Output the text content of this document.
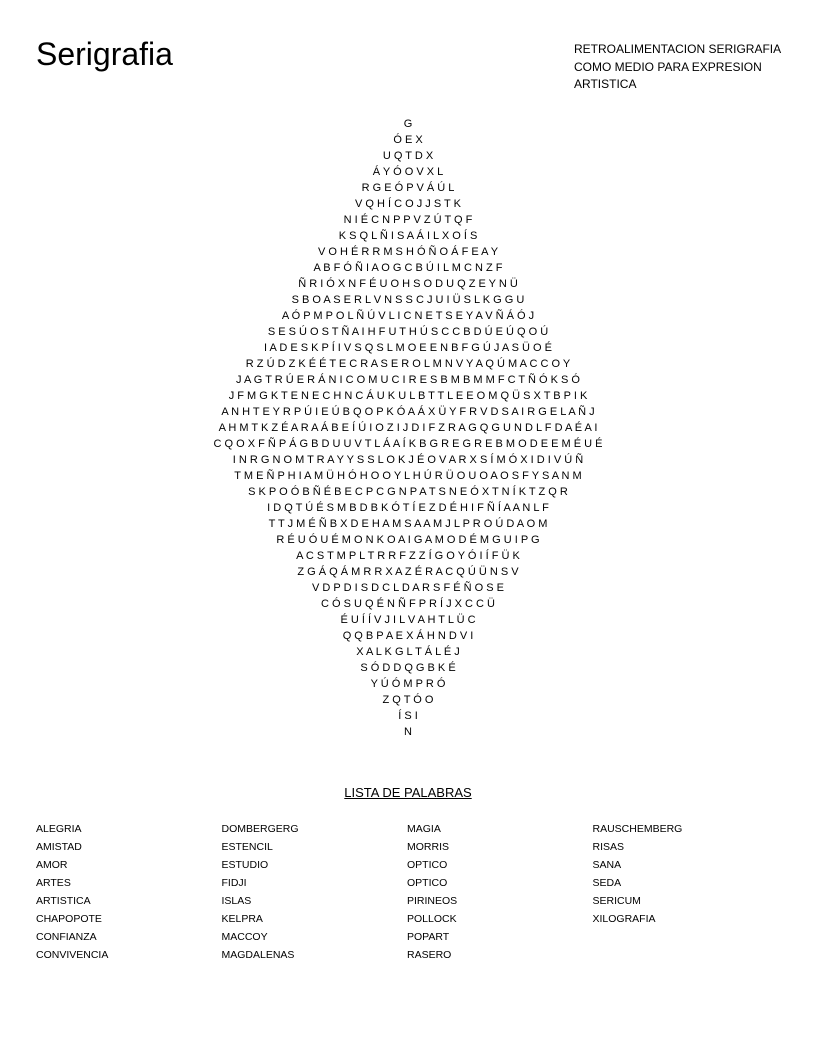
Serigrafia	RETROALIMENTACION SERIGRAFIA
COMO MEDIO PARA EXPRESION
ARTISTICA
G
Ó E X
U Q T D X
Á Y Ó O V X L
R G E Ó P V Á Ú L
V Q H Í C O J J S T K
N I É C N P P V Z Ú T Q F
K S Q L Ñ I S A Á I L X O Í S
V O H É R R M S H Ó Ñ O Á F E A Y
A B F Ó Ñ I A O G C B Ú I L M C N Z F
Ñ R I Ó X N F É U O H S O D U Q Z E Y N Ü
S B O A S E R L V N S S C J U I Ü S L K G G U
A Ó P M P O L Ñ Ú V L I C N E T S E Y A V Ñ Á Ó J
S E S Ú O S T Ñ A I H F U T H Ú S C C B D Ú E Ú Q O Ú
I A D E S K P Í I V S Q S L M O E E N B F G Ú J A S Ü O É
R Z Ú D Z K É É T E C R A S E R O L M N V Y A Q Ú M A C C O Y
J A G T R Ú E R Á N I C O M U C I R E S B M B M M F C T Ñ Ó K S Ó
J F M G K T E N E C H N C Á U K U L B T T L E E O M Q Ü S X T B P I K
A N H T E Y R P Ú I E Ú B Q O P K Ó A Á X Ü Y F R V D S A I R G E L A Ñ J
A H M T K Z É A R A Á B E Í Ú I O Z I J D I F Z R A G Q G U N D L F D A É A I
C Q O X F Ñ P Á G B D U U V T L Á A Í K B G R E G R E B M O D E E M É U É
I N R G N O M T R A Y Y S S L O K J É O V A R X S Í M Ó X I D I V Ú Ñ
T M E Ñ P H I A M Ü H Ó H O O Y L H Ú R Ü O U O A O S F Y S A N M
S K P O Ó B Ñ É B E C P C G N P A T S N E Ó X T N Í K T Z Q R
I D Q T Ú É S M B D B K Ó T Í E Z D É H I F Ñ Í A A N L F
T T J M É Ñ B X D E H A M S A A M J L P R O Ú D A O M
R É U Ó U É M O N K O A I G A M O D É M G U I P G
A C S T M P L T R R F Z Z Í G O Y Ó I Í F Ü K
Z G Á Q Á M R R X A Z É R A C Q Ú Ü N S V
V D P D I S D C L D A R S F É Ñ O S E
C Ó S U Q É N Ñ F P R Í J X C C Ü
É U Í Í V J I L V A H T L Ü C
Q Q B P A E X Á H N D V I
X A L K G L T Á L É J
S Ó D D Q G B K É
Y Ú Ó M P R Ó
Z Q T Ó O
Í S I
N
LISTA DE PALABRAS
ALEGRIA
AMISTAD
AMOR
ARTES
ARTISTICA
CHAPOPOTE
CONFIANZA
CONVIVENCIA
DOMBERGERG
ESTENCIL
ESTUDIO
FIDJI
ISLAS
KELPRA
MACCOY
MAGDALENAS
MAGIA
MORRIS
OPTICO
OPTICO
PIRINEOS
POLLOCK
POPART
RASERO
RAUSCHEMBERG
RISAS
SANA
SEDA
SERICUM
XILOGRAFIA
